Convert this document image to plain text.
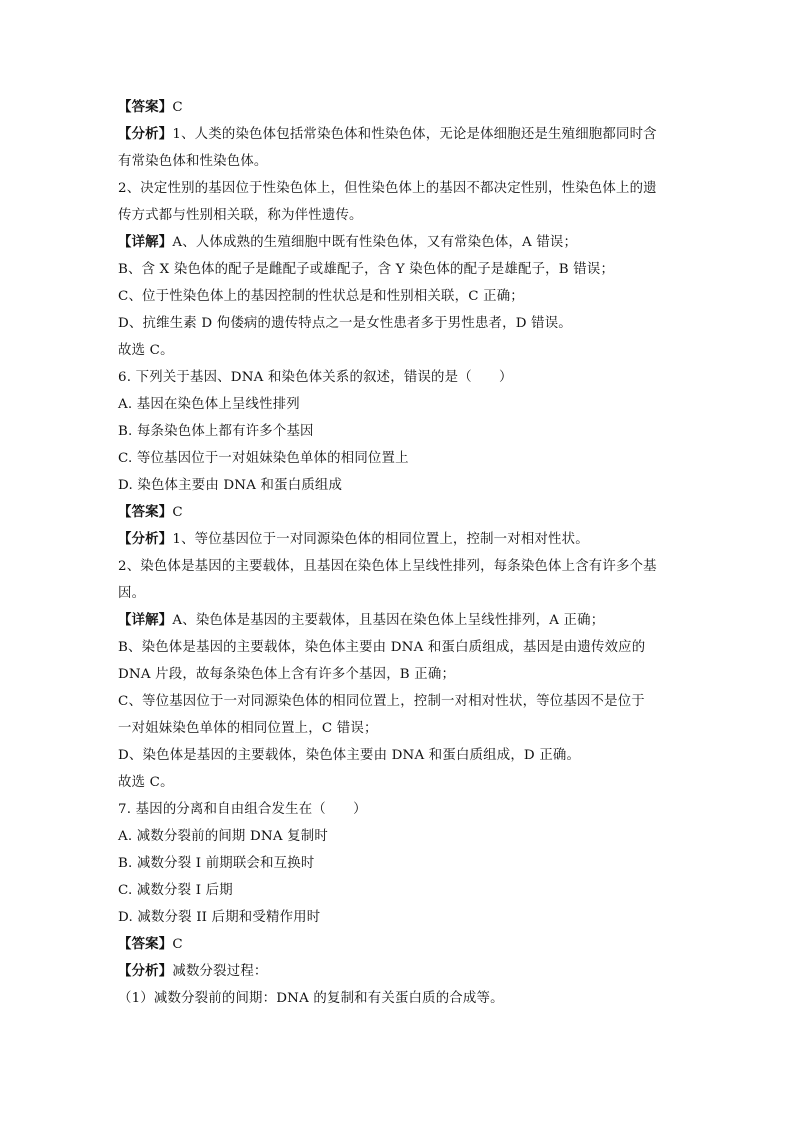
【答案】C
【分析】1、人类的染色体包括常染色体和性染色体，无论是体细胞还是生殖细胞都同时含
有常染色体和性染色体。
2、决定性别的基因位于性染色体上，但性染色体上的基因不都决定性别，性染色体上的遗
传方式都与性别相关联，称为伴性遗传。
【详解】A、人体成熟的生殖细胞中既有性染色体，又有常染色体，A 错误；
B、含 X 染色体的配子是雌配子或雄配子，含 Y 染色体的配子是雄配子，B 错误；
C、位于性染色体上的基因控制的性状总是和性别相关联，C 正确；
D、抗维生素 D 佝偻病的遗传特点之一是女性患者多于男性患者，D 错误。
故选 C。
6. 下列关于基因、DNA 和染色体关系的叙述，错误的是（　　）
A. 基因在染色体上呈线性排列
B. 每条染色体上都有许多个基因
C. 等位基因位于一对姐妹染色单体的相同位置上
D. 染色体主要由 DNA 和蛋白质组成
【答案】C
【分析】1、等位基因位于一对同源染色体的相同位置上，控制一对相对性状。
2、染色体是基因的主要载体，且基因在染色体上呈线性排列，每条染色体上含有许多个基
因。
【详解】A、染色体是基因的主要载体，且基因在染色体上呈线性排列，A 正确；
B、染色体是基因的主要载体，染色体主要由 DNA 和蛋白质组成，基因是由遗传效应的
DNA 片段，故每条染色体上含有许多个基因，B 正确；
C、等位基因位于一对同源染色体的相同位置上，控制一对相对性状，等位基因不是位于
一对姐妹染色单体的相同位置上，C 错误；
D、染色体是基因的主要载体，染色体主要由 DNA 和蛋白质组成，D 正确。
故选 C。
7. 基因的分离和自由组合发生在（　　）
A. 减数分裂前的间期 DNA 复制时
B. 减数分裂 I 前期联会和互换时
C. 减数分裂 I 后期
D. 减数分裂 II 后期和受精作用时
【答案】C
【分析】减数分裂过程：
（1）减数分裂前的间期：DNA 的复制和有关蛋白质的合成等。
